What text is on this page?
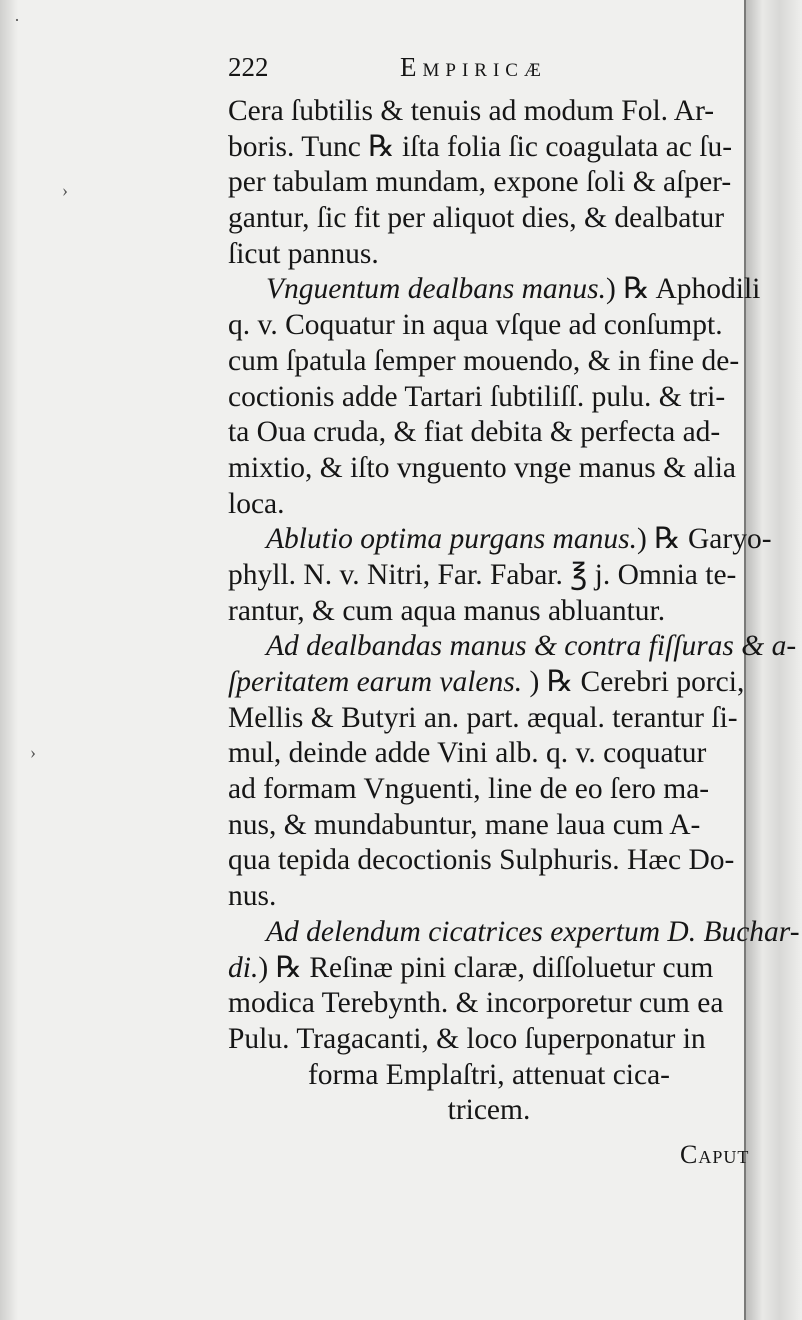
·
›
›
222	Empiricæ
Cera ſubtilis & tenuis ad modum Fol. Ar-
boris. Tunc ℞ iſta folia ſic coagulata ac ſu-
per tabulam mundam, expone ſoli & aſper-
gantur, ſic fit per aliquot dies, & dealbatur
ſicut pannus.
Vnguentum dealbans manus.) ℞ Aphodili
q. v. Coquatur in aqua vſque ad conſumpt.
cum ſpatula ſemper mouendo, & in fine de-
coctionis adde Tartari ſubtiliſſ. pulu. & tri-
ta Oua cruda, & fiat debita & perfecta ad-
mixtio, & iſto vnguento vnge manus & alia
loca.
Ablutio optima purgans manus.) ℞ Garyo-
phyll. N. v. Nitri, Far. Fabar. ℥ j. Omnia te-
rantur, & cum aqua manus abluantur.
Ad dealbandas manus & contra fiſſuras & a-
ſperitatem earum valens. ) ℞ Cerebri porci,
Mellis & Butyri an. part. æqual. terantur ſi-
mul, deinde adde Vini alb. q. v. coquatur
ad formam Vnguenti, line de eo ſero ma-
nus, & mundabuntur, mane laua cum A-
qua tepida decoctionis Sulphuris. Hæc Do-
nus.
Ad delendum cicatrices expertum D. Buchar-
di.) ℞ Reſinæ pini claræ, diſſoluetur cum
modica Terebynth. & incorporetur cum ea
Pulu. Tragacanti, & loco ſuperponatur in
forma Emplaſtri, attenuat cica-
tricem.
Caput
